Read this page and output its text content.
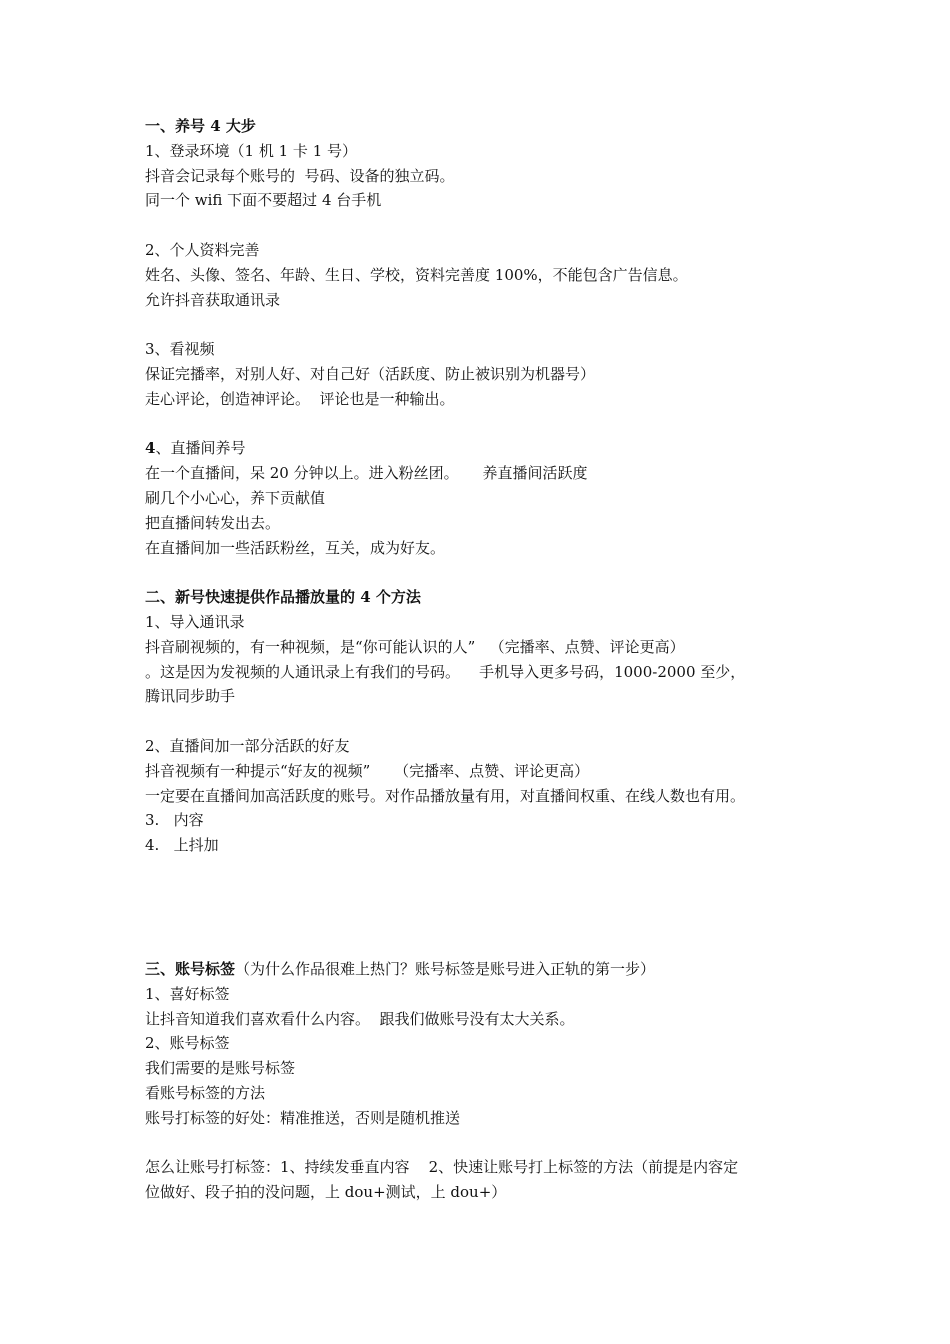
一、养号 4 大步
1、登录环境（1 机 1 卡 1 号）
抖音会记录每个账号的  号码、设备的独立码。
同一个 wifi 下面不要超过 4 台手机
2、个人资料完善
姓名、头像、签名、年龄、生日、学校，资料完善度 100%，不能包含广告信息。
允许抖音获取通讯录
3、看视频
保证完播率，对别人好、对自己好（活跃度、防止被识别为机器号）
走心评论，创造神评论。  评论也是一种输出。
4、直播间养号
在一个直播间，呆 20 分钟以上。进入粉丝团。     养直播间活跃度
刷几个小心心，养下贡献值
把直播间转发出去。
在直播间加一些活跃粉丝，互关，成为好友。
二、新号快速提供作品播放量的 4 个方法
1、导入通讯录
抖音刷视频的，有一种视频，是“你可能认识的人”   （完播率、点赞、评论更高）
。这是因为发视频的人通讯录上有我们的号码。    手机导入更多号码，1000-2000 至少，
腾讯同步助手
2、直播间加一部分活跃的好友
抖音视频有一种提示“好友的视频”     （完播率、点赞、评论更高）
一定要在直播间加高活跃度的账号。对作品播放量有用，对直播间权重、在线人数也有用。
3.   内容
4.   上抖加
三、账号标签（为什么作品很难上热门？账号标签是账号进入正轨的第一步）
1、喜好标签
让抖音知道我们喜欢看什么内容。  跟我们做账号没有太大关系。
2、账号标签
我们需要的是账号标签
看账号标签的方法
账号打标签的好处：精准推送，否则是随机推送
怎么让账号打标签：1、持续发垂直内容    2、快速让账号打上标签的方法（前提是内容定
位做好、段子拍的没问题，上 dou+测试，上 dou+）
